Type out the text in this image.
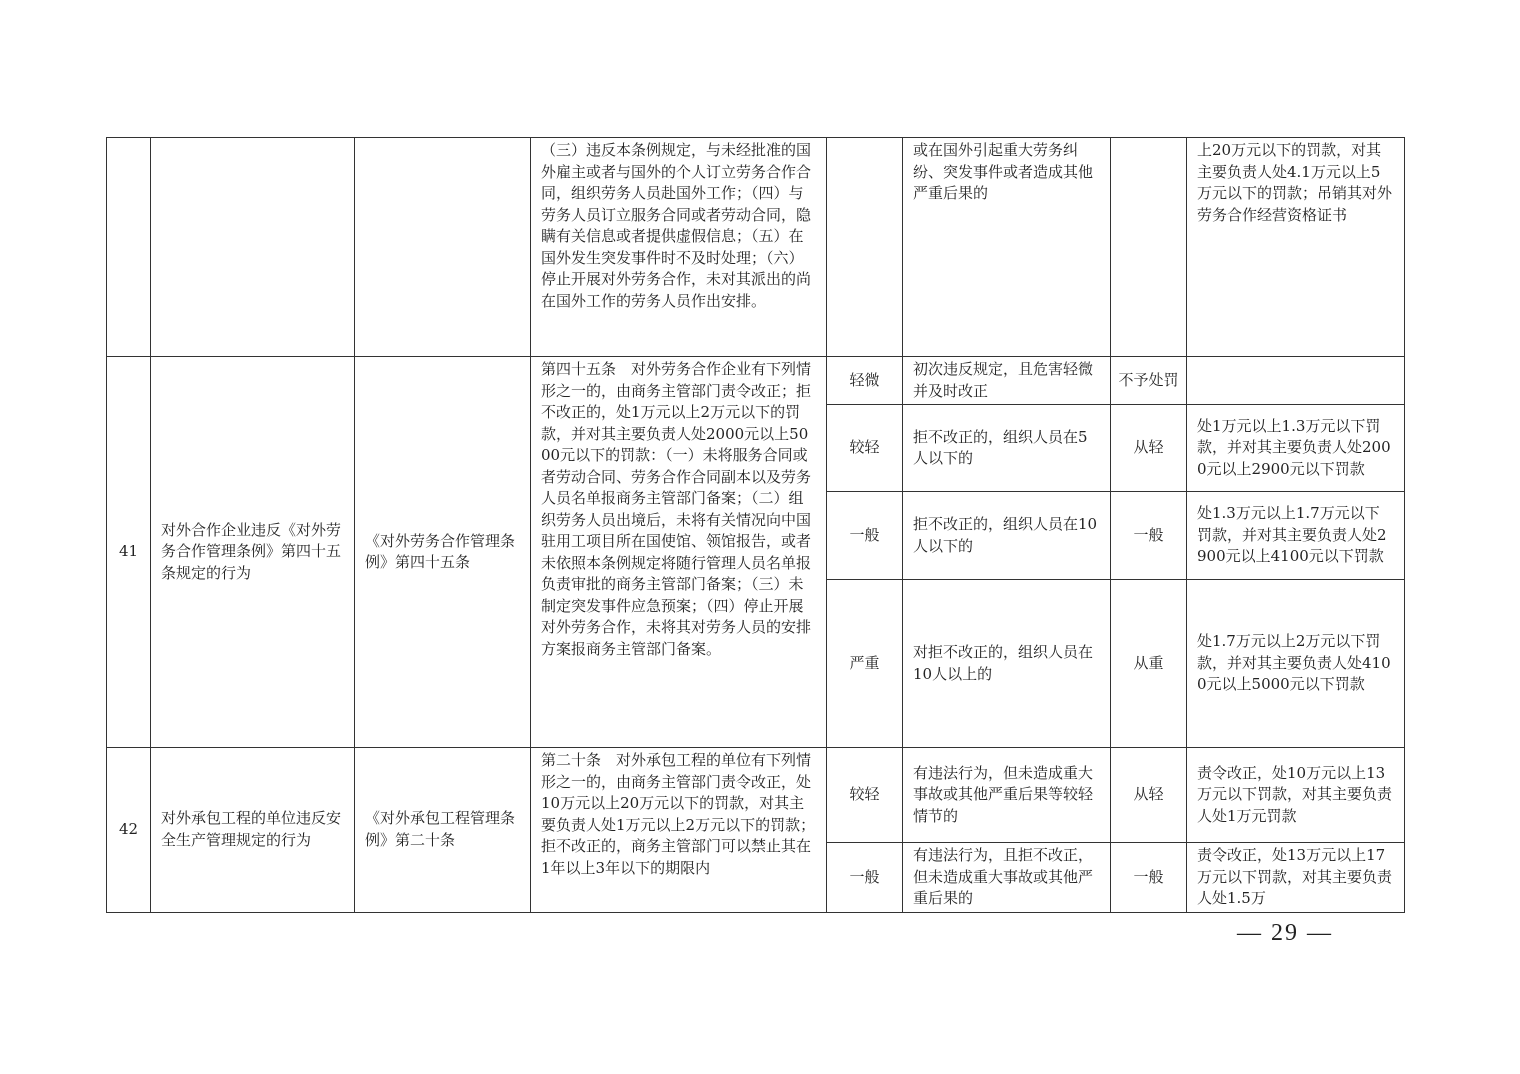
			（三）违反本条例规定，与未经批准的国外雇主或者与国外的个人订立劳务合作合同，组织劳务人员赴国外工作；（四）与劳务人员订立服务合同或者劳动合同，隐瞒有关信息或者提供虚假信息；（五）在国外发生突发事件时不及时处理；（六）停止开展对外劳务合作，未对其派出的尚在国外工作的劳务人员作出安排。		或在国外引起重大劳务纠纷、突发事件或者造成其他严重后果的		上20万元以下的罚款，对其主要负责人处4.1万元以上5万元以下的罚款；吊销其对外劳务合作经营资格证书
41	对外合作企业违反《对外劳务合作管理条例》第四十五条规定的行为	《对外劳务合作管理条例》第四十五条	第四十五条　对外劳务合作企业有下列情形之一的，由商务主管部门责令改正；拒不改正的，处1万元以上2万元以下的罚款，并对其主要负责人处2000元以上5000元以下的罚款：（一）未将服务合同或者劳动合同、劳务合作合同副本以及劳务人员名单报商务主管部门备案；（二）组织劳务人员出境后，未将有关情况向中国驻用工项目所在国使馆、领馆报告，或者未依照本条例规定将随行管理人员名单报负责审批的商务主管部门备案；（三）未制定突发事件应急预案；（四）停止开展对外劳务合作，未将其对劳务人员的安排方案报商务主管部门备案。	轻微	初次违反规定，且危害轻微并及时改正	不予处罚	
				较轻	拒不改正的，组织人员在5人以下的	从轻	处1万元以上1.3万元以下罚款，并对其主要负责人处2000元以上2900元以下罚款
				一般	拒不改正的，组织人员在10人以下的	一般	处1.3万元以上1.7万元以下罚款，并对其主要负责人处2900元以上4100元以下罚款
				严重	对拒不改正的，组织人员在10人以上的	从重	处1.7万元以上2万元以下罚款，并对其主要负责人处4100元以上5000元以下罚款
42	对外承包工程的单位违反安全生产管理规定的行为	《对外承包工程管理条例》第二十条	第二十条　对外承包工程的单位有下列情形之一的，由商务主管部门责令改正，处10万元以上20万元以下的罚款，对其主要负责人处1万元以上2万元以下的罚款；拒不改正的，商务主管部门可以禁止其在1年以上3年以下的期限内	较轻	有违法行为，但未造成重大事故或其他严重后果等较轻情节的	从轻	责令改正，处10万元以上13万元以下罚款，对其主要负责人处1万元罚款
				一般	有违法行为，且拒不改正，但未造成重大事故或其他严重后果的	一般	责令改正，处13万元以上17万元以下罚款，对其主要负责人处1.5万
— 29 —
